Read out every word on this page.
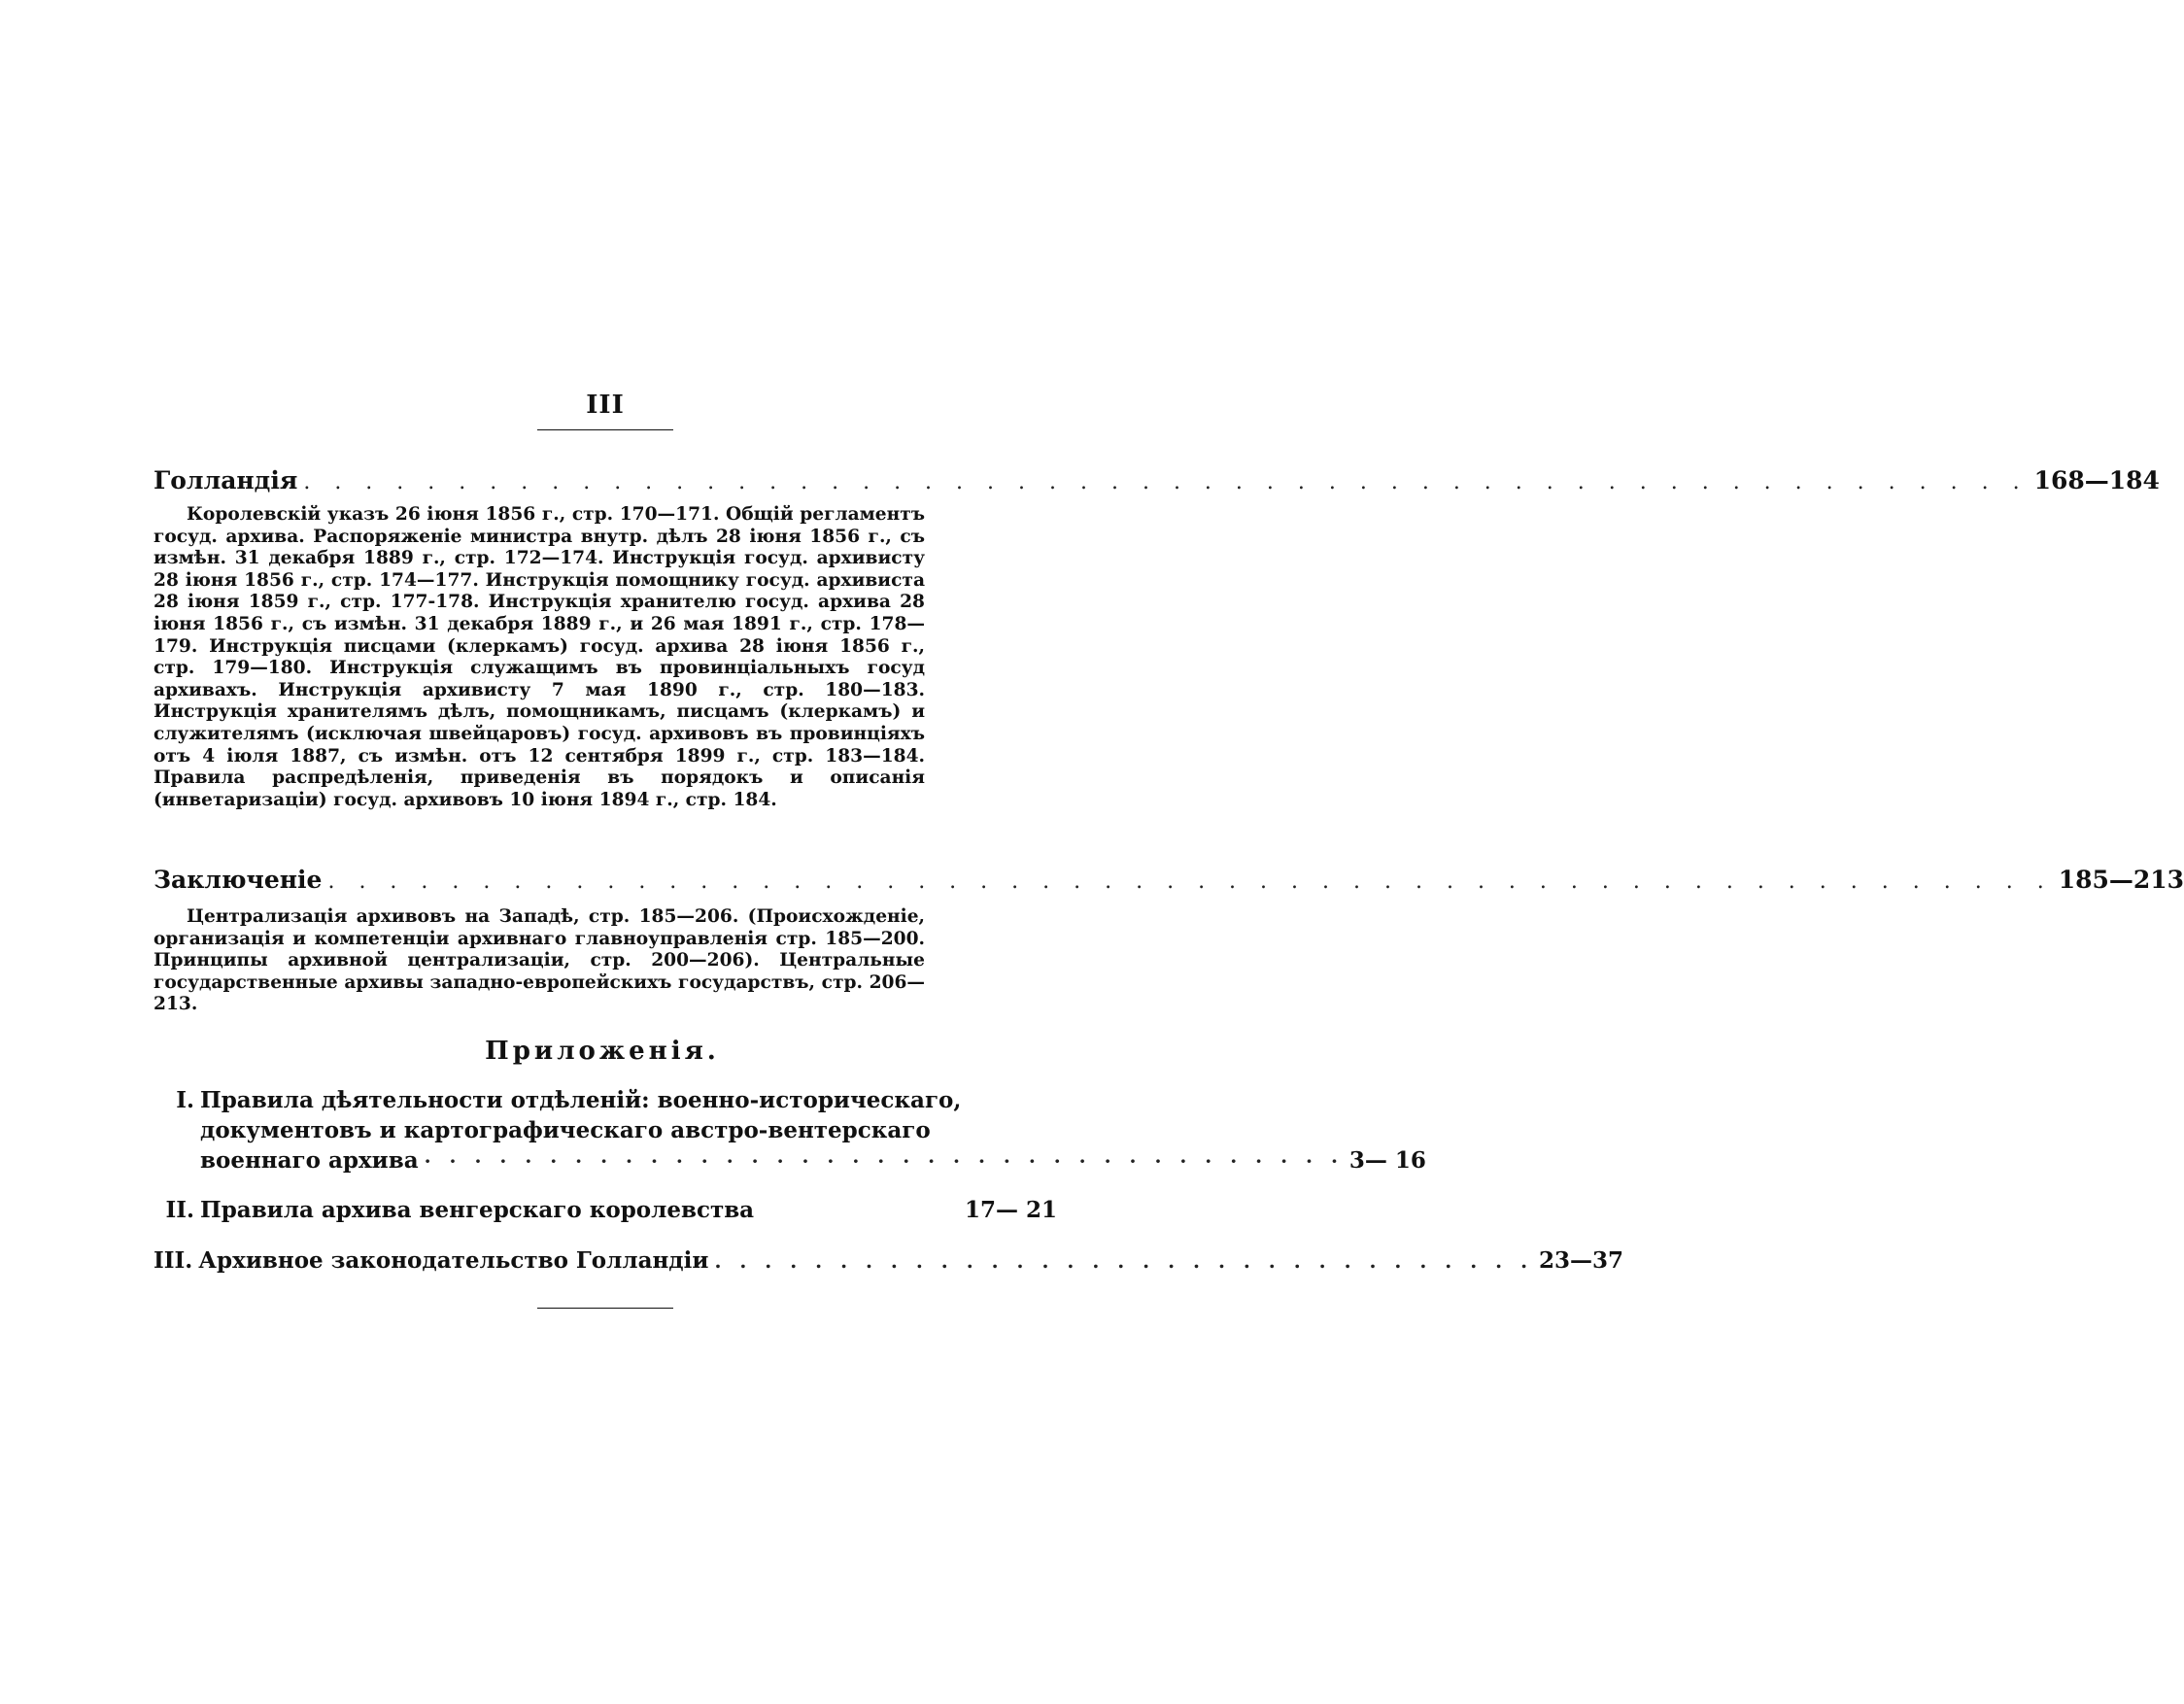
III
Голландія . . . . . . . . . . . . . . . . . . . . . . . . . . . . . . . . . . . . . . . . . . . . . . . . . . . . . . . . 168—184
Королевскій указъ 26 іюня 1856 г., стр. 170—171. Общій регламентъ госуд. архива. Распоряженіе министра внутр. дѣлъ 28 іюня 1856 г., съ измѣн. 31 декабря 1889 г., стр. 172—174. Инструкція госуд. архивисту 28 іюня 1856 г., стр. 174—177. Инструкція помощнику госуд. архивиста 28 іюня 1859 г., стр. 177-178. Инструкція хранителю госуд. архива 28 іюня 1856 г., съ измѣн. 31 декабря 1889 г., и 26 мая 1891 г., стр. 178—179. Инструкція писцами (клеркамъ) госуд. архива 28 іюня 1856 г., стр. 179—180. Инструкція служащимъ въ провинціальныхъ госуд архивахъ. Инструкція архивисту 7 мая 1890 г., стр. 180—183. Инструкція хранителямъ дѣлъ, помощникамъ, писцамъ (клеркамъ) и служителямъ (исключая швейцаровъ) госуд. архивовъ въ провинціяхъ отъ 4 іюля 1887, съ измѣн. отъ 12 сентября 1899 г., стр. 183—184. Правила распредѣленія, приведенія въ порядокъ и описанія (инветаризаціи) госуд. архивовъ 10 іюня 1894 г., стр. 184.
Заключеніе . . . . . . . . . . . . . . . . . . . . . . . . . . . . . . . . . . . . . . . . . . . . . . . . . . . . . . . . 185—213
Централизація архивовъ на Западѣ, стр. 185—206. (Происхожденіе, организація и компетенціи архивнаго главноуправленія стр. 185—200. Принципы архивной централизаціи, стр. 200—206). Центральные государственные архивы западно-европейскихъ государствъ, стр. 206—213.
Приложенія.
I. Правила дѣятельности отдѣленій: военно-историческаго,
документовъ и картографическаго австро-вентерскаго
военнаго архива · · · · · · · · · · · · · · · · · · · · · · · · · · · · · · · · · · · · · 3— 16
II. Правила архива венгерскаго королевства	17— 21
III. Архивное законодательство Голландіи . . . . . . . . . . . . . . . . . . . . . . . . . . . . . . . . . 23—37
